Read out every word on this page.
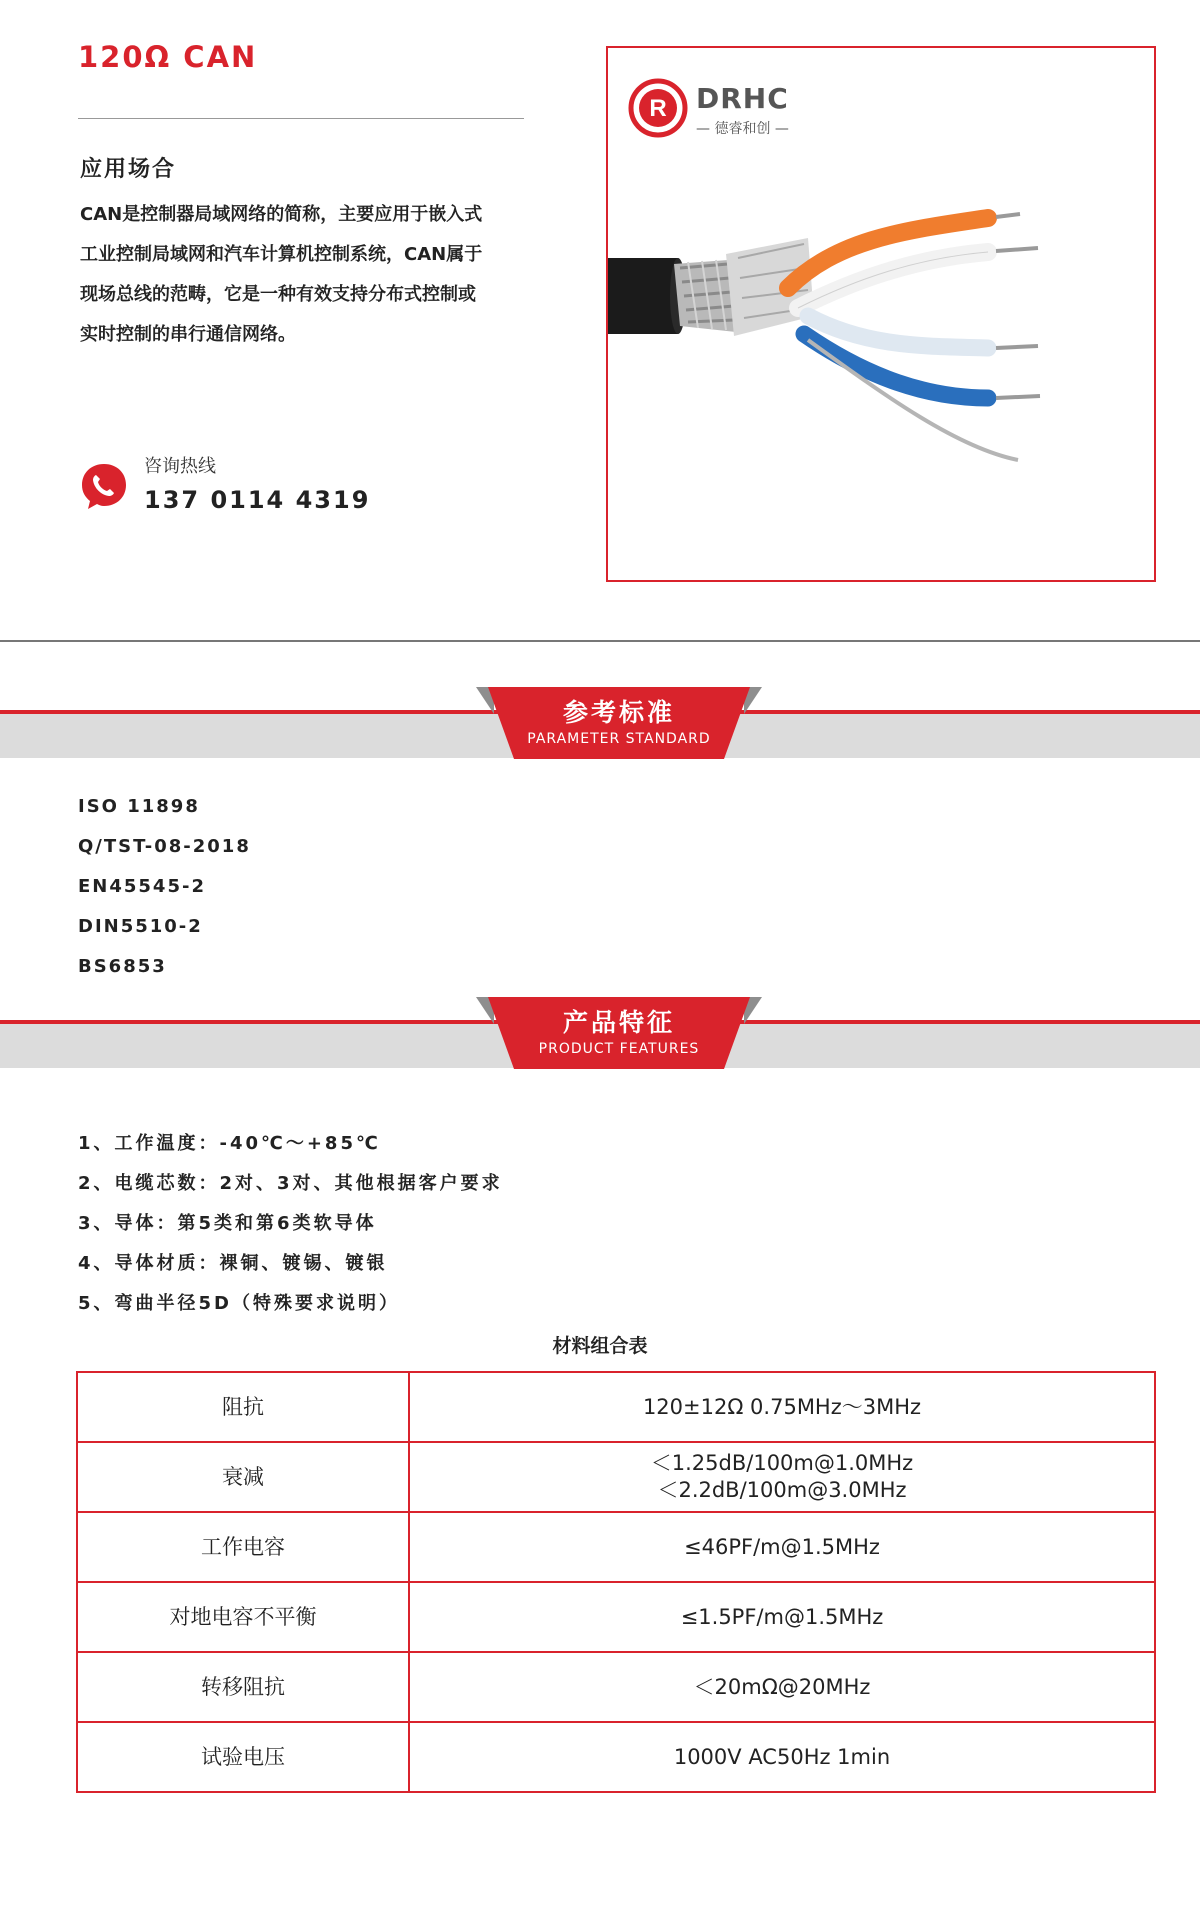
120Ω CAN
应用场合
CAN是控制器局域网络的简称，主要应用于嵌入式
工业控制局域网和汽车计算机控制系统，CAN属于
现场总线的范畴，它是一种有效支持分布式控制或
实时控制的串行通信网络。
咨询热线
137 0114 4319
R DRHC
— 德睿和创 —
参考标准
PARAMETER STANDARD
ISO 11898
Q/TST-08-2018
EN45545-2
DIN5510-2
BS6853
产品特征
PRODUCT FEATURES
1、工作温度：-40℃～+85℃
2、电缆芯数：2对、3对、其他根据客户要求
3、导体：第5类和第6类软导体
4、导体材质：裸铜、镀锡、镀银
5、弯曲半径5D（特殊要求说明）
材料组合表
阻抗	120±12Ω 0.75MHz～3MHz
衰减	＜1.25dB/100m@1.0MHz
＜2.2dB/100m@3.0MHz

工作电容	≤46PF/m@1.5MHz
对地电容不平衡	≤1.5PF/m@1.5MHz
转移阻抗	＜20mΩ@20MHz
试验电压	1000V AC50Hz 1min
